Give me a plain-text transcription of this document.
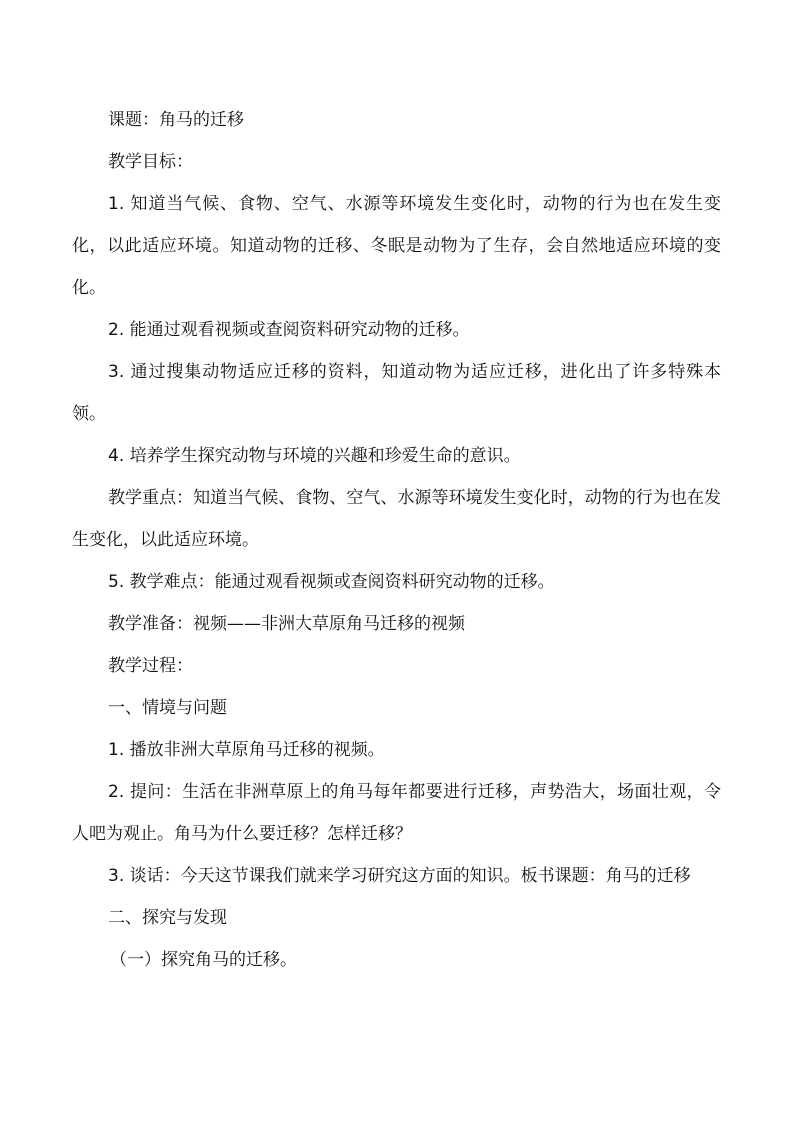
课题：角马的迁移

教学目标：

1. 知道当气候、食物、空气、水源等环境发生变化时，动物的行为也在发生变化，以此适应环境。知道动物的迁移、冬眠是动物为了生存，会自然地适应环境的变化。

2. 能通过观看视频或查阅资料研究动物的迁移。

3. 通过搜集动物适应迁移的资料，知道动物为适应迁移，进化出了许多特殊本领。

4. 培养学生探究动物与环境的兴趣和珍爱生命的意识。

教学重点：知道当气候、食物、空气、水源等环境发生变化时，动物的行为也在发生变化，以此适应环境。

5. 教学难点：能通过观看视频或查阅资料研究动物的迁移。

教学准备：视频——非洲大草原角马迁移的视频

教学过程：

一、情境与问题

1. 播放非洲大草原角马迁移的视频。

2. 提问：生活在非洲草原上的角马每年都要进行迁移，声势浩大，场面壮观，令人吧为观止。角马为什么要迁移？怎样迁移？

3. 谈话：今天这节课我们就来学习研究这方面的知识。板书课题：角马的迁移

二、探究与发现

（一）探究角马的迁移。
